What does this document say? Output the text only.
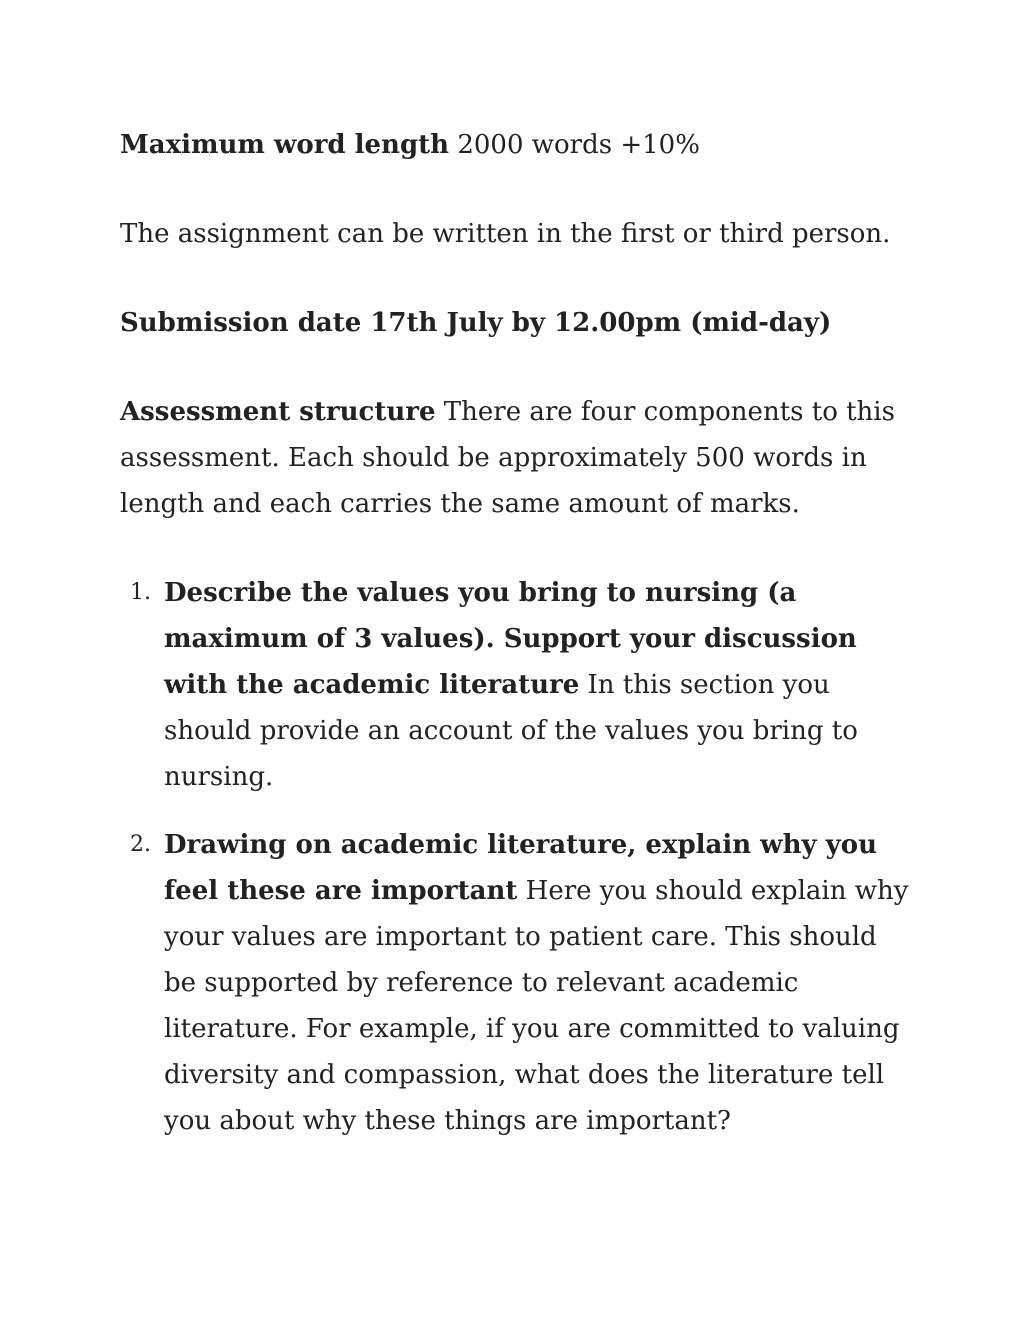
Maximum word length 2000 words +10%

The assignment can be written in the first or third person.

Submission date 17th July by 12.00pm (mid-day)

Assessment structure There are four components to this assessment. Each should be approximately 500 words in length and each carries the same amount of marks.

1. Describe the values you bring to nursing (a maximum of 3 values). Support your discussion with the academic literature In this section you should provide an account of the values you bring to nursing.
2. Drawing on academic literature, explain why you feel these are important Here you should explain why your values are important to patient care. This should be supported by reference to relevant academic literature. For example, if you are committed to valuing diversity and compassion, what does the literature tell you about why these things are important?
